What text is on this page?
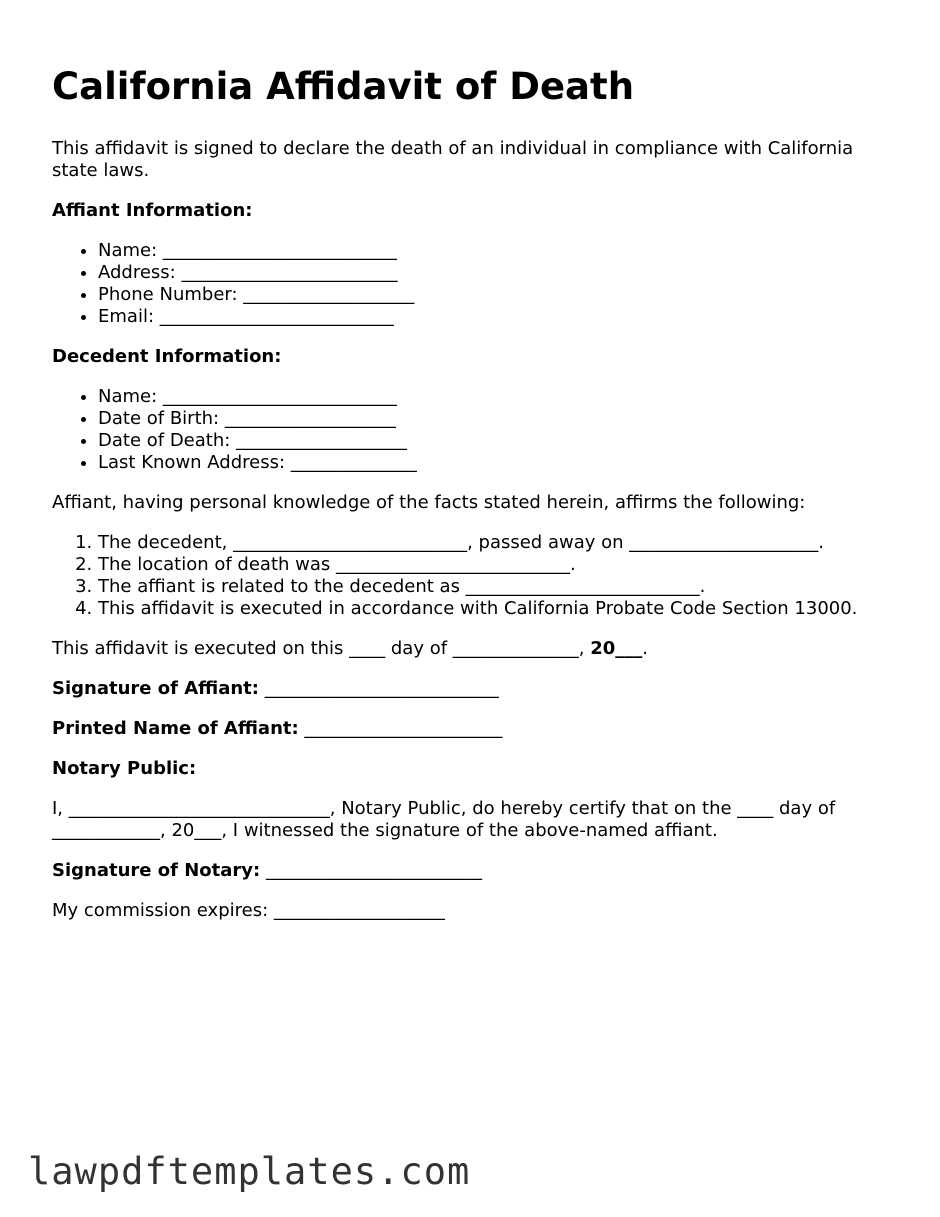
California Affidavit of Death

This affidavit is signed to declare the death of an individual in compliance with California state laws.

Affiant Information:
• Name: __________________________
• Address: ________________________
• Phone Number: ___________________
• Email: __________________________
Decedent Information:
• Name: __________________________
• Date of Birth: ___________________
• Date of Death: ___________________
• Last Known Address: ______________

Affiant, having personal knowledge of the facts stated herein, affirms the following:

1. The decedent, __________________________, passed away on _____________________.
2. The location of death was __________________________.
3. The affiant is related to the decedent as __________________________.
4. This affidavit is executed in accordance with California Probate Code Section 13000.

This affidavit is executed on this ____ day of ______________, 20___.

Signature of Affiant: __________________________

Printed Name of Affiant: ______________________

Notary Public:

I, _____________________________, Notary Public, do hereby certify that on the ____ day of ____________, 20___, I witnessed the signature of the above-named affiant.

Signature of Notary: ________________________

My commission expires: ___________________

lawpdftemplates.com
